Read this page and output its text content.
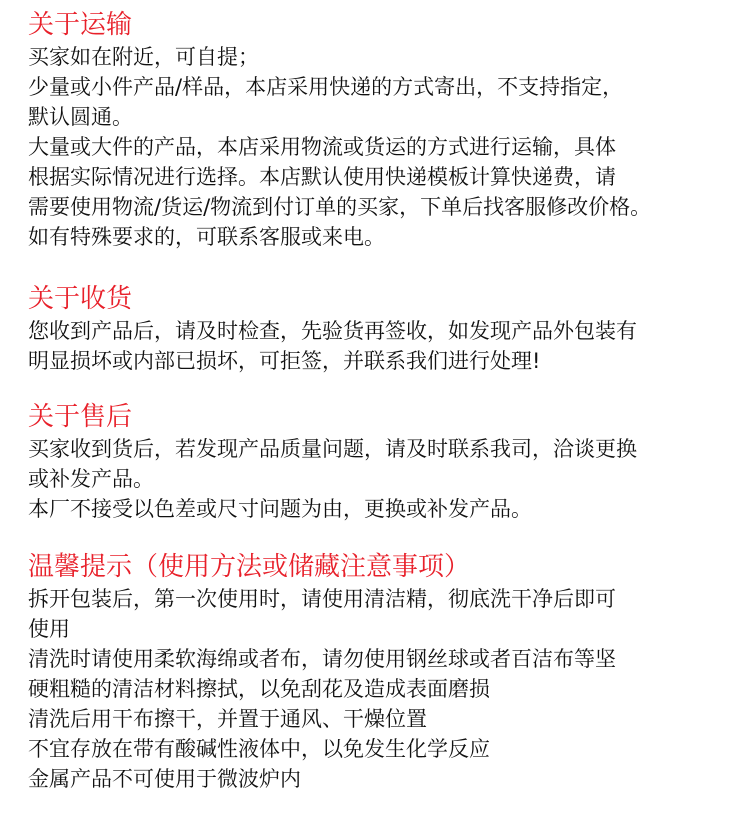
关于运输
买家如在附近，可自提；
少量或小件产品/样品，本店采用快递的方式寄出，不支持指定，
默认圆通。
大量或大件的产品，本店采用物流或货运的方式进行运输，具体
根据实际情况进行选择。本店默认使用快递模板计算快递费，请
需要使用物流/货运/物流到付订单的买家，下单后找客服修改价格。
如有特殊要求的，可联系客服或来电。
关于收货
您收到产品后，请及时检查，先验货再签收，如发现产品外包装有
明显损坏或内部已损坏，可拒签，并联系我们进行处理!
关于售后
买家收到货后，若发现产品质量问题，请及时联系我司，洽谈更换
或补发产品。
本厂不接受以色差或尺寸问题为由，更换或补发产品。
温馨提示（使用方法或储藏注意事项）
拆开包装后，第一次使用时，请使用清洁精，彻底洗干净后即可
使用
清洗时请使用柔软海绵或者布，请勿使用钢丝球或者百洁布等坚
硬粗糙的清洁材料擦拭，以免刮花及造成表面磨损
清洗后用干布擦干，并置于通风、干燥位置
不宜存放在带有酸碱性液体中，以免发生化学反应
金属产品不可使用于微波炉内
